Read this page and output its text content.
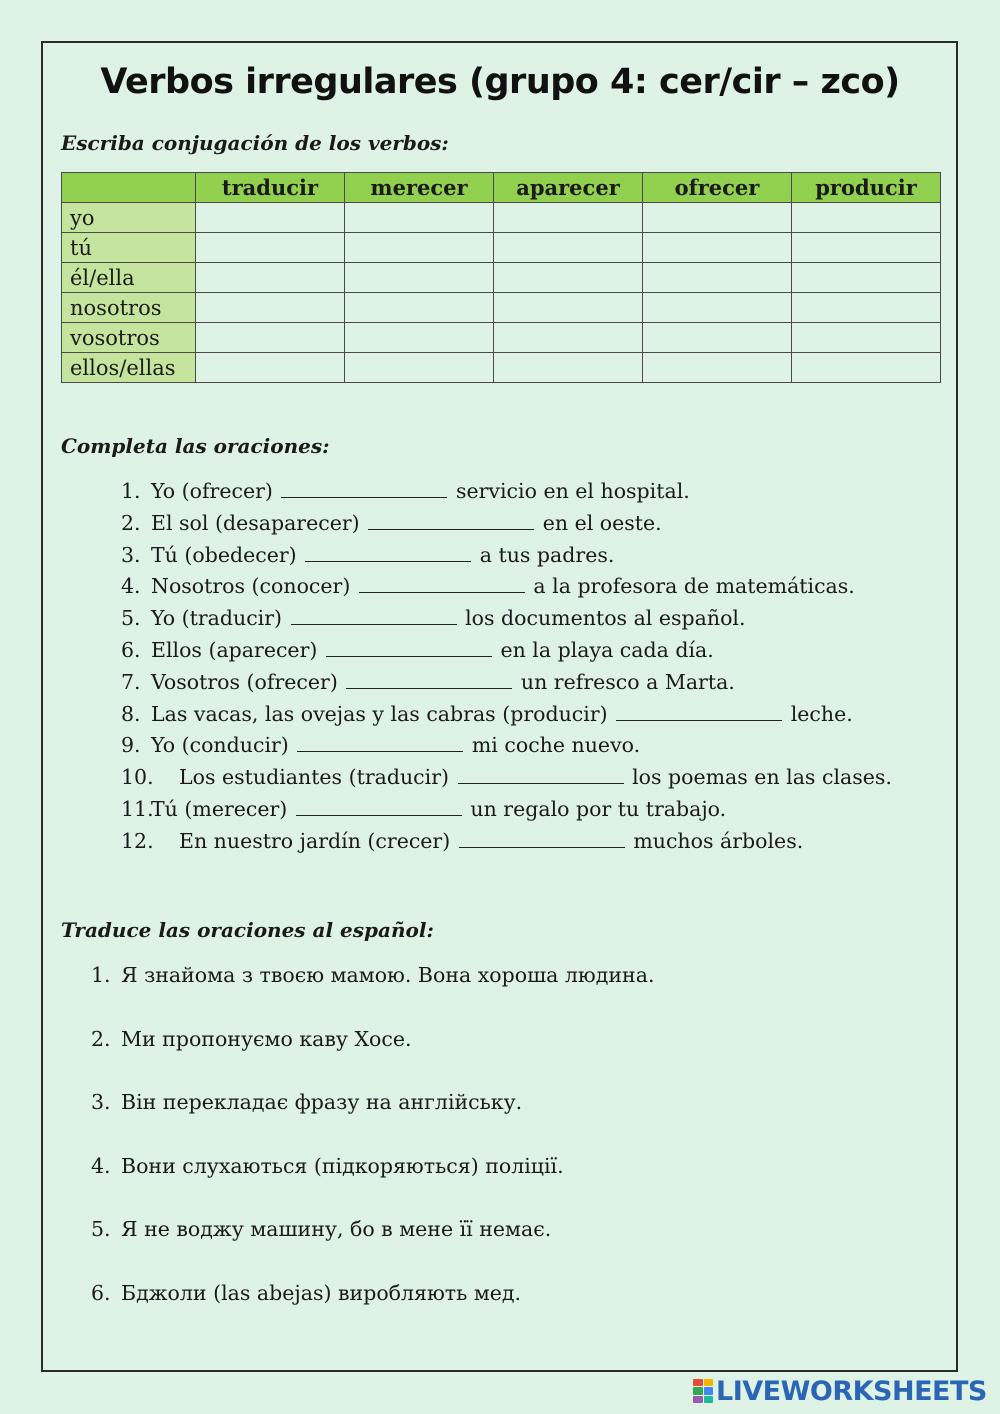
Verbos irregulares (grupo 4: cer/cir – zco)
Escriba conjugación de los verbos:
	traducir	merecer	aparecer	ofrecer	producir
yo					
tú					
él/ella					
nosotros					
vosotros					
ellos/ellas					
Completa las oraciones:
1. Yo (ofrecer)	servicio en el hospital.
2. El sol (desaparecer)	en el oeste.
3. Tú (obedecer)	a tus padres.
4. Nosotros (conocer)	a la profesora de matemáticas.
5. Yo (traducir)	los documentos al español.
6. Ellos (aparecer)	en la playa cada día.
7. Vosotros (ofrecer)	un refresco a Marta.
8. Las vacas, las ovejas y las cabras (producir)	leche.
9. Yo (conducir)	mi coche nuevo.
10. Los estudiantes (traducir)	los poemas en las clases.
11.Tú (merecer)	un regalo por tu trabajo.
12. En nuestro jardín (crecer)	muchos árboles.
Traduce las oraciones al español:
1. Я знайома з твоєю мамою. Вона хороша людина.
2. Ми пропонуємо каву Хосе.
3. Він перекладає фразу на англійську.
4. Вони слухаються (підкоряються) поліції.
5. Я не воджу машину, бо в мене її немає.
6. Бджоли (las abejas) виробляють мед.
LIVEWORKSHEETS
